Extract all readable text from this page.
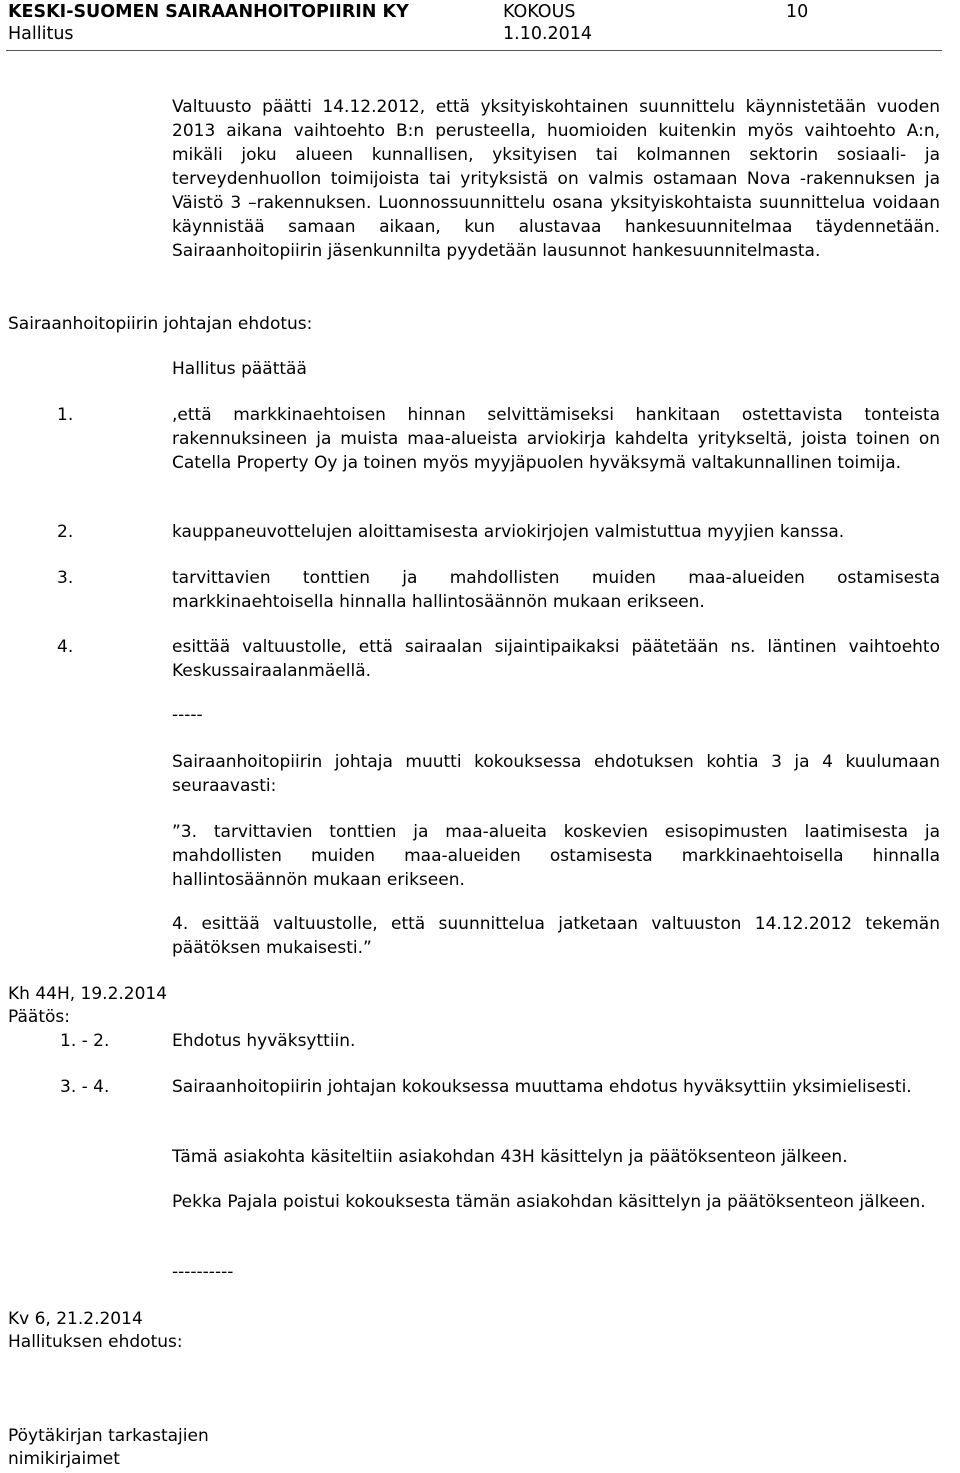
KESKI-SUOMEN SAIRAANHOITOPIIRIN KY	KOKOUS	10
Hallitus	1.10.2014

Valtuusto päätti 14.12.2012, että yksityiskohtainen suunnittelu käynnistetään vuoden 2013 aikana vaihtoehto B:n perusteella, huomioiden kuitenkin myös vaihtoehto A:n, mikäli joku alueen kunnallisen, yksityisen tai kolmannen sektorin sosiaali- ja terveydenhuollon toimijoista tai yrityksistä on valmis ostamaan Nova -rakennuksen ja Väistö 3 –rakennuksen. Luonnossuunnittelu osana yksityiskohtaista suunnittelua voidaan käynnistää samaan aikaan, kun alustavaa hankesuunnitelmaa täydennetään. Sairaanhoitopiirin jäsenkunnilta pyydetään lausunnot hankesuunnitelmasta.

Sairaanhoitopiirin johtajan ehdotus:
Hallitus päättää
1.	,että markkinaehtoisen hinnan selvittämiseksi hankitaan ostettavista tonteista rakennuksineen ja muista maa-alueista arviokirja kahdelta yritykseltä, joista toinen on Catella Property Oy ja toinen myös myyjäpuolen hyväksymä valtakunnallinen toimija.

2.	kauppaneuvottelujen aloittamisesta arviokirjojen valmistuttua myyjien kanssa.

3.	tarvittavien tonttien ja mahdollisten muiden maa-alueiden ostamisesta markkinaehtoisella hinnalla hallintosäännön mukaan erikseen.

4.	esittää valtuustolle, että sairaalan sijaintipaikaksi päätetään ns. läntinen vaihtoehto Keskussairaalanmäellä.

-----

Sairaanhoitopiirin johtaja muutti kokouksessa ehdotuksen kohtia 3 ja 4 kuulumaan seuraavasti:

”3. tarvittavien tonttien ja maa-alueita koskevien esisopimusten laatimisesta ja mahdollisten muiden maa-alueiden ostamisesta markkinaehtoisella hinnalla hallintosäännön mukaan erikseen.

4. esittää valtuustolle, että suunnittelua jatketaan valtuuston 14.12.2012 tekemän päätöksen mukaisesti.”

Kh 44H, 19.2.2014
Päätös:
1. - 2.	Ehdotus hyväksyttiin.

3. - 4.	Sairaanhoitopiirin johtajan kokouksessa muuttama ehdotus hyväksyttiin yksimielisesti.

Tämä asiakohta käsiteltiin asiakohdan 43H käsittelyn ja päätöksenteon jälkeen.

Pekka Pajala poistui kokouksesta tämän asiakohdan käsittelyn ja päätöksenteon jälkeen.

----------
Kv 6, 21.2.2014
Hallituksen ehdotus:
Pöytäkirjan tarkastajien
nimikirjaimet
